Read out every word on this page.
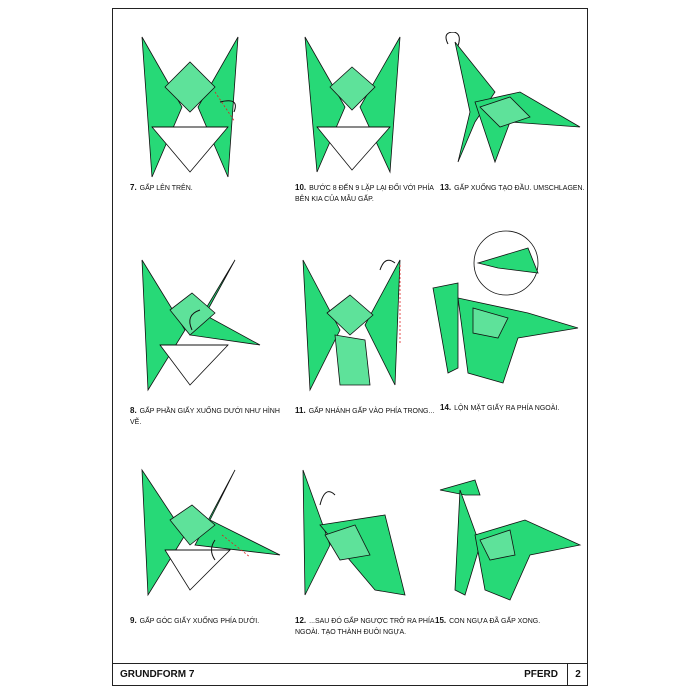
7. GẤP LÊN TRÊN.	10. BƯỚC 8 ĐẾN 9 LẶP LẠI ĐỐI VỚI PHÍA BÊN KIA CỦA MẪU GẤP.
13. GẤP XUỐNG TẠO ĐẦU. UMSCHLAGEN.
8. GẤP PHẦN GIẤY XUỐNG DƯỚI NHƯ HÌNH VẼ.
11. GẤP NHÁNH GẤP VÀO PHÍA TRONG... 14. LỘN MẶT GIẤY RA PHÍA NGOÀI.
9. GẤP GÓC GIẤY XUỐNG PHÍA DƯỚI.	12. ...SAU ĐÓ GẤP NGƯỢC TRỞ RA PHÍA NGOÀI. TẠO THÀNH ĐUÔI NGỰA.
15. CON NGỰA ĐÃ GẤP XONG.
GRUNDFORM 7	PFERD	2
